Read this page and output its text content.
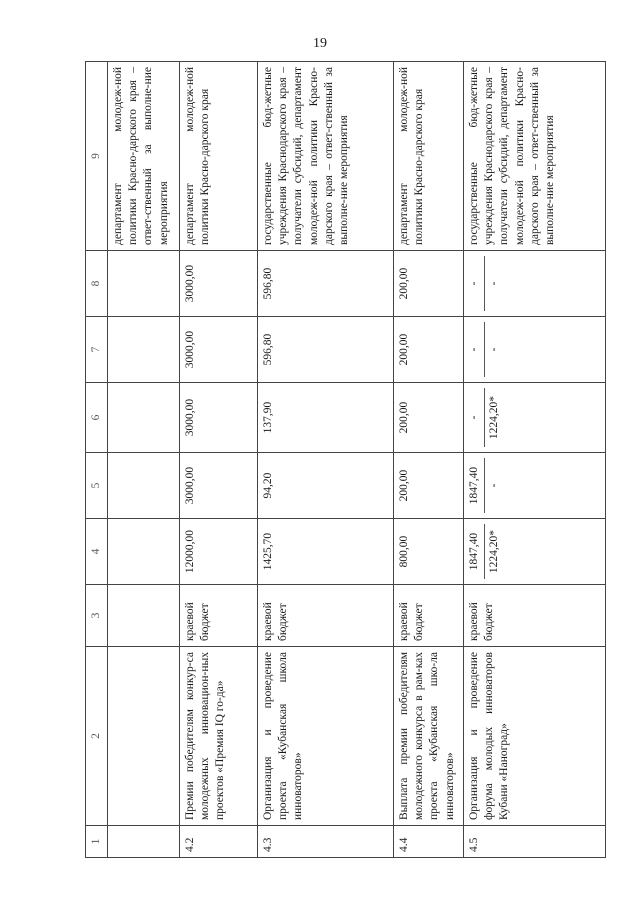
19
1	2	3	4	5	6	7	8	9
								департамент молодеж-ной политики Красно-дарского края – ответ-ственный за выполне-ние мероприятия
4.2	Премии победителям конкур-са молодежных инновацион-ных проектов «Премия IQ го-да»	краевой бюджет	12000,00	3000,00	3000,00	3000,00	3000,00	департамент молодеж-ной политики Красно-дарского края
4.3	Организация и проведение проекта «Кубанская школа инноваторов»	краевой бюджет	1425,70	94,20	137,90	596,80	596,80	государственные бюд-жетные учреждения Краснодарского края – получатели субсидий, департамент молодеж-ной политики Красно-дарского края – ответ-ственный за выполне-ние мероприятия
4.4	Выплата премии победителям молодежного конкурса в рам-ках проекта «Кубанская шко-ла инноваторов»	краевой бюджет	800,00	200,00	200,00	200,00	200,00	департамент молодеж-ной политики Красно-дарского края
4.5	Организация и проведение форума молодых инноваторов Кубани «Наноград»	краевой бюджет	1847,40 1224,20*	1847,40 -	- 1224,20*	- -	- -	государственные бюд-жетные учреждения Краснодарского края – получатели субсидий, департамент молодеж-ной политики Красно-дарского края – ответ-ственный за выполне-ние мероприятия
